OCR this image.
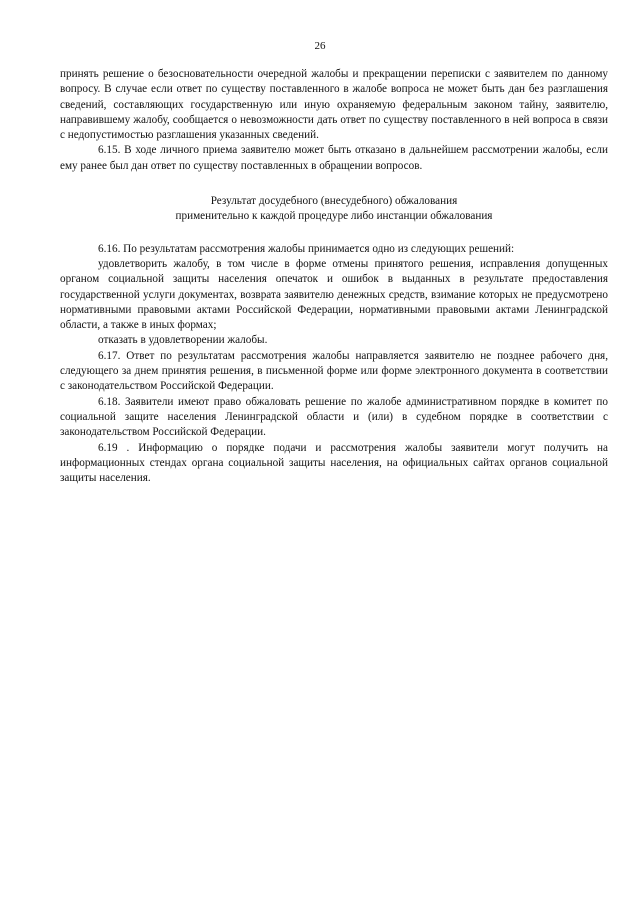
26

принять решение о безосновательности очередной жалобы и прекращении переписки с заявителем по данному вопросу. В случае если ответ по существу поставленного в жалобе вопроса не может быть дан без разглашения сведений, составляющих государственную или иную охраняемую федеральным законом тайну, заявителю, направившему жалобу, сообщается о невозможности дать ответ по существу поставленного в ней вопроса в связи с недопустимостью разглашения указанных сведений.

6.15. В ходе личного приема заявителю может быть отказано в дальнейшем рассмотрении жалобы, если ему ранее был дан ответ по существу поставленных в обращении вопросов.

Результат досудебного (внесудебного) обжалования
применительно к каждой процедуре либо инстанции обжалования

6.16. По результатам рассмотрения жалобы принимается одно из следующих решений:

удовлетворить жалобу, в том числе в форме отмены принятого решения, исправления допущенных органом социальной защиты населения опечаток и ошибок в выданных в результате предоставления государственной услуги документах, возврата заявителю денежных средств, взимание которых не предусмотрено нормативными правовыми актами Российской Федерации, нормативными правовыми актами Ленинградской области, а также в иных формах;

отказать в удовлетворении жалобы.

6.17. Ответ по результатам рассмотрения жалобы направляется заявителю не позднее рабочего дня, следующего за днем принятия решения, в письменной форме или форме электронного документа в соответствии с законодательством Российской Федерации.

6.18. Заявители имеют право обжаловать решение по жалобе административном порядке в комитет по социальной защите населения Ленинградской области и (или) в судебном порядке в соответствии с законодательством Российской Федерации.

6.19 . Информацию о порядке подачи и рассмотрения жалобы заявители могут получить на информационных стендах органа социальной защиты населения, на официальных сайтах органов социальной защиты населения.
